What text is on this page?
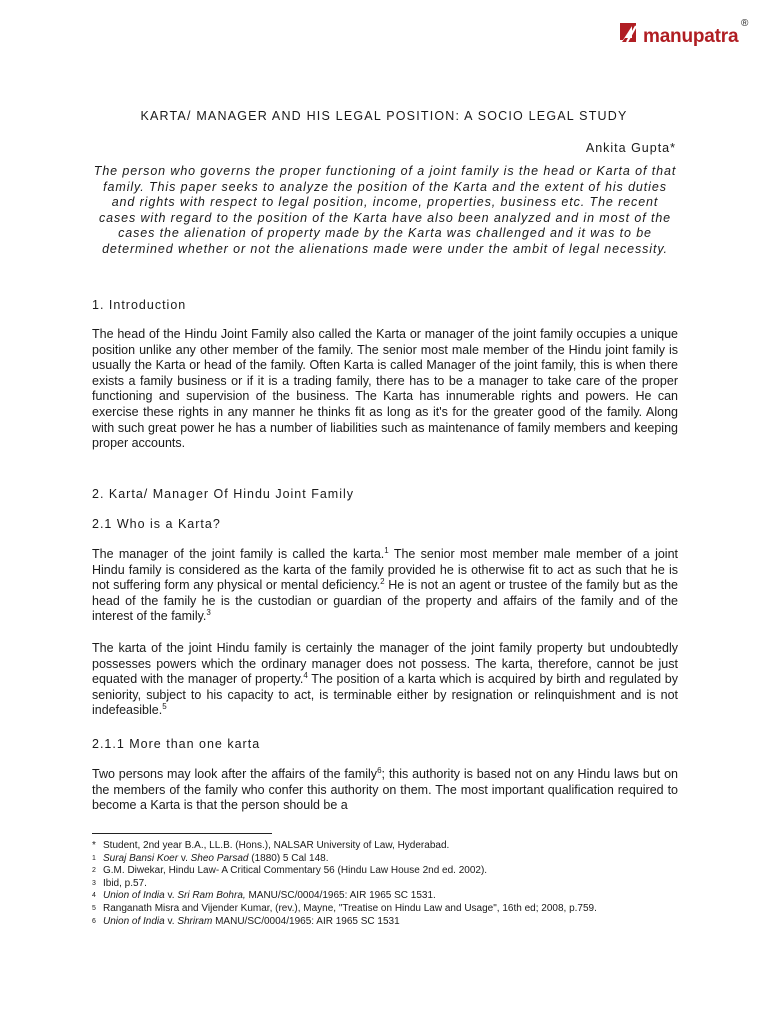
manupatra
®
KARTA/ MANAGER AND HIS LEGAL POSITION: A SOCIO LEGAL STUDY
Ankita Gupta*
The person who governs the proper functioning of a joint family is the head or Karta of that family. This paper seeks to analyze the position of the Karta and the extent of his duties and rights with respect to legal position, income, properties, business etc. The recent cases with regard to the position of the Karta have also been analyzed and in most of the cases the alienation of property made by the Karta was challenged and it was to be determined whether or not the alienations made were under the ambit of legal necessity.
1. Introduction
The head of the Hindu Joint Family also called the Karta or manager of the joint family occupies a unique position unlike any other member of the family. The senior most male member of the Hindu joint family is usually the Karta or head of the family. Often Karta is called Manager of the joint family, this is when there exists a family business or if it is a trading family, there has to be a manager to take care of the proper functioning and supervision of the business. The Karta has innumerable rights and powers. He can exercise these rights in any manner he thinks fit as long as it's for the greater good of the family. Along with such great power he has a number of liabilities such as maintenance of family members and keeping proper accounts.
2. Karta/ Manager Of Hindu Joint Family
2.1 Who is a Karta?
The manager of the joint family is called the karta.$^1$ The senior most member male member of a joint Hindu family is considered as the karta of the family provided he is otherwise fit to act as such that he is not suffering form any physical or mental deficiency.$^2$ He is not an agent or trustee of the family but as the head of the family he is the custodian or guardian of the property and affairs of the family and of the interest of the family.$^3$
The karta of the joint Hindu family is certainly the manager of the joint family property but undoubtedly possesses powers which the ordinary manager does not possess. The karta, therefore, cannot be just equated with the manager of property.$^4$ The position of a karta which is acquired by birth and regulated by seniority, subject to his capacity to act, is terminable either by resignation or relinquishment and is not indefeasible.$^5$
2.1.1 More than one karta
Two persons may look after the affairs of the family$^6$; this authority is based not on any Hindu laws but on the members of the family who confer this authority on them. The most important qualification required to become a Karta is that the person should be a
* Student, 2nd year B.A., LL.B. (Hons.), NALSAR University of Law, Hyderabad.
1 Suraj Bansi Koer v. Sheo Parsad (1880) 5 Cal 148.
2 G.M. Diwekar, Hindu Law- A Critical Commentary 56 (Hindu Law House 2nd ed. 2002).
3 Ibid, p.57.
4 Union of India v. Sri Ram Bohra, MANU/SC/0004/1965: AIR 1965 SC 1531.
5 Ranganath Misra and Vijender Kumar, (rev.), Mayne, "Treatise on Hindu Law and Usage", 16th ed; 2008, p.759.
6 Union of India v. Shriram MANU/SC/0004/1965: AIR 1965 SC 1531
